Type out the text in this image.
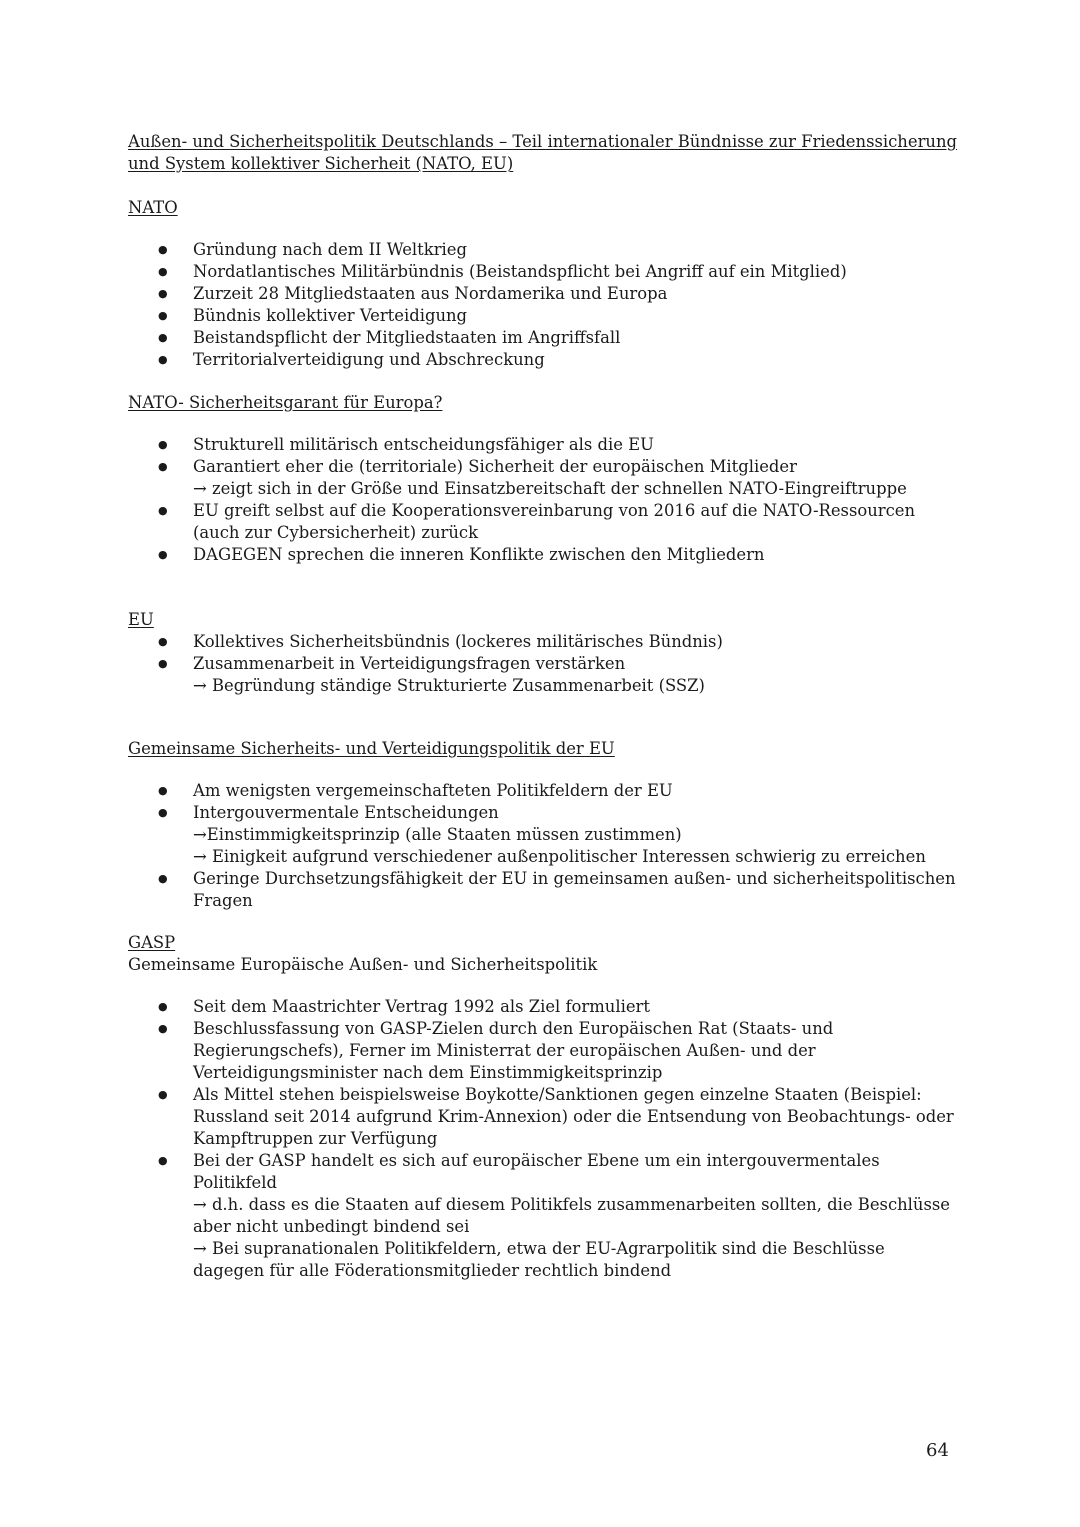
Außen- und Sicherheitspolitik Deutschlands – Teil internationaler Bündnisse zur Friedenssicherung und System kollektiver Sicherheit (NATO, EU)

NATO
● Gründung nach dem II Weltkrieg
● Nordatlantisches Militärbündnis (Beistandspflicht bei Angriff auf ein Mitglied)
● Zurzeit 28 Mitgliedstaaten aus Nordamerika und Europa
● Bündnis kollektiver Verteidigung
● Beistandspflicht der Mitgliedstaaten im Angriffsfall
● Territorialverteidigung und Abschreckung
NATO- Sicherheitsgarant für Europa?
● Strukturell militärisch entscheidungsfähiger als die EU
● Garantiert eher die (territoriale) Sicherheit der europäischen Mitglieder
→ zeigt sich in der Größe und Einsatzbereitschaft der schnellen NATO-Eingreiftruppe
● EU greift selbst auf die Kooperationsvereinbarung von 2016 auf die NATO-Ressourcen (auch zur Cybersicherheit) zurück
● DAGEGEN sprechen die inneren Konflikte zwischen den Mitgliedern
EU
● Kollektives Sicherheitsbündnis (lockeres militärisches Bündnis)
● Zusammenarbeit in Verteidigungsfragen verstärken
→ Begründung ständige Strukturierte Zusammenarbeit (SSZ)
Gemeinsame Sicherheits- und Verteidigungspolitik der EU
● Am wenigsten vergemeinschafteten Politikfeldern der EU
● Intergouvermentale Entscheidungen
→Einstimmigkeitsprinzip (alle Staaten müssen zustimmen)
→ Einigkeit aufgrund verschiedener außenpolitischer Interessen schwierig zu erreichen
● Geringe Durchsetzungsfähigkeit der EU in gemeinsamen außen- und sicherheitspolitischen Fragen
GASP
Gemeinsame Europäische Außen- und Sicherheitspolitik
● Seit dem Maastrichter Vertrag 1992 als Ziel formuliert
● Beschlussfassung von GASP-Zielen durch den Europäischen Rat (Staats- und Regierungschefs), Ferner im Ministerrat der europäischen Außen- und der Verteidigungsminister nach dem Einstimmigkeitsprinzip
● Als Mittel stehen beispielsweise Boykotte/Sanktionen gegen einzelne Staaten (Beispiel: Russland seit 2014 aufgrund Krim-Annexion) oder die Entsendung von Beobachtungs- oder Kampftruppen zur Verfügung
● Bei der GASP handelt es sich auf europäischer Ebene um ein intergouvermentales Politikfeld
→ d.h. dass es die Staaten auf diesem Politikfels zusammenarbeiten sollten, die Beschlüsse aber nicht unbedingt bindend sei
→ Bei supranationalen Politikfeldern, etwa der EU-Agrarpolitik sind die Beschlüsse dagegen für alle Föderationsmitglieder rechtlich bindend
64
